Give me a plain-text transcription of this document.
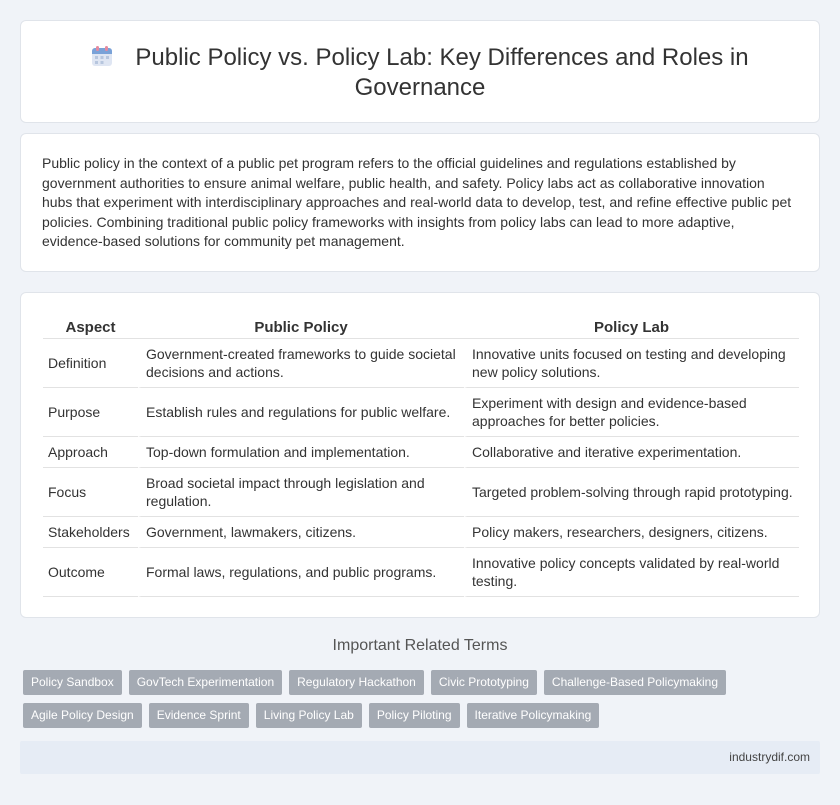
Public Policy vs. Policy Lab: Key Differences and Roles in Governance

Public policy in the context of a public pet program refers to the official guidelines and regulations established by government authorities to ensure animal welfare, public health, and safety. Policy labs act as collaborative innovation hubs that experiment with interdisciplinary approaches and real-world data to develop, test, and refine effective public pet policies. Combining traditional public policy frameworks with insights from policy labs can lead to more adaptive, evidence-based solutions for community pet management.

Aspect	Public Policy	Policy Lab
Definition	Government-created frameworks to guide societal decisions and actions.	Innovative units focused on testing and developing new policy solutions.
Purpose	Establish rules and regulations for public welfare.	Experiment with design and evidence-based approaches for better policies.
Approach	Top-down formulation and implementation.	Collaborative and iterative experimentation.
Focus	Broad societal impact through legislation and regulation.	Targeted problem-solving through rapid prototyping.
Stakeholders	Government, lawmakers, citizens.	Policy makers, researchers, designers, citizens.
Outcome	Formal laws, regulations, and public programs.	Innovative policy concepts validated by real-world testing.
Important Related Terms
Policy Sandbox	GovTech Experimentation	Regulatory Hackathon	Civic Prototyping	Challenge-Based Policymaking
Agile Policy Design	Evidence Sprint	Living Policy Lab	Policy Piloting	Iterative Policymaking
industrydif.com
